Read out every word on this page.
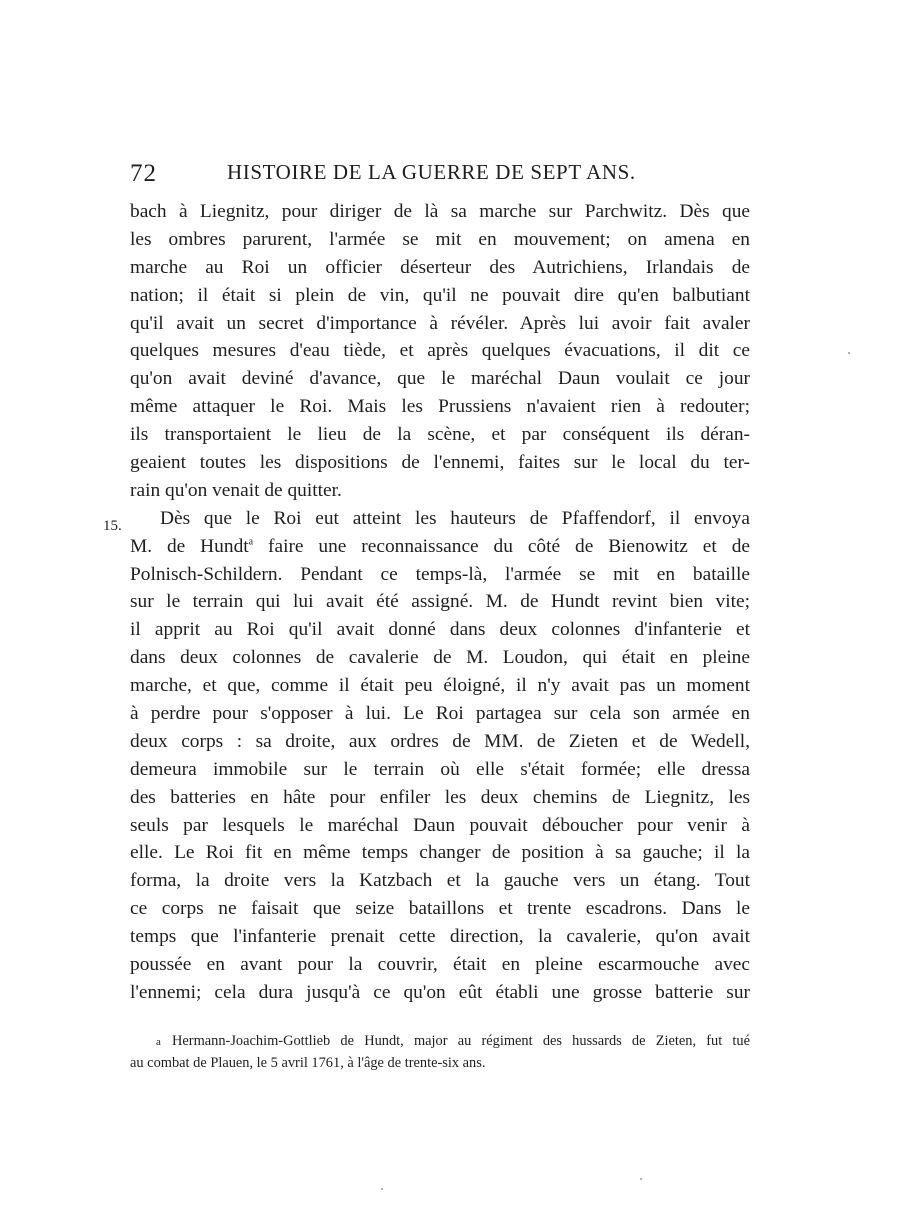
72	HISTOIRE DE LA GUERRE DE SEPT ANS.
15.
bach à Liegnitz, pour diriger de là sa marche sur Parchwitz. Dès que
les ombres parurent, l'armée se mit en mouvement; on amena en
marche au Roi un officier déserteur des Autrichiens, Irlandais de
nation; il était si plein de vin, qu'il ne pouvait dire qu'en balbutiant
qu'il avait un secret d'importance à révéler. Après lui avoir fait avaler
quelques mesures d'eau tiède, et après quelques évacuations, il dit ce
qu'on avait deviné d'avance, que le maréchal Daun voulait ce jour
même attaquer le Roi. Mais les Prussiens n'avaient rien à redouter;
ils transportaient le lieu de la scène, et par conséquent ils déran-
geaient toutes les dispositions de l'ennemi, faites sur le local du ter-
rain qu'on venait de quitter.
Dès que le Roi eut atteint les hauteurs de Pfaffendorf, il envoya
M. de Hundt$^a$ faire une reconnaissance du côté de Bienowitz et de
Polnisch-Schildern. Pendant ce temps-là, l'armée se mit en bataille
sur le terrain qui lui avait été assigné. M. de Hundt revint bien vite;
il apprit au Roi qu'il avait donné dans deux colonnes d'infanterie et
dans deux colonnes de cavalerie de M. Loudon, qui était en pleine
marche, et que, comme il était peu éloigné, il n'y avait pas un moment
à perdre pour s'opposer à lui. Le Roi partagea sur cela son armée en
deux corps : sa droite, aux ordres de MM. de Zieten et de Wedell,
demeura immobile sur le terrain où elle s'était formée; elle dressa
des batteries en hâte pour enfiler les deux chemins de Liegnitz, les
seuls par lesquels le maréchal Daun pouvait déboucher pour venir à
elle. Le Roi fit en même temps changer de position à sa gauche; il la
forma, la droite vers la Katzbach et la gauche vers un étang. Tout
ce corps ne faisait que seize bataillons et trente escadrons. Dans le
temps que l'infanterie prenait cette direction, la cavalerie, qu'on avait
poussée en avant pour la couvrir, était en pleine escarmouche avec
l'ennemi; cela dura jusqu'à ce qu'on eût établi une grosse batterie sur
a Hermann-Joachim-Gottlieb de Hundt, major au régiment des hussards de Zieten, fut tué
au combat de Plauen, le 5 avril 1761, à l'âge de trente-six ans.
